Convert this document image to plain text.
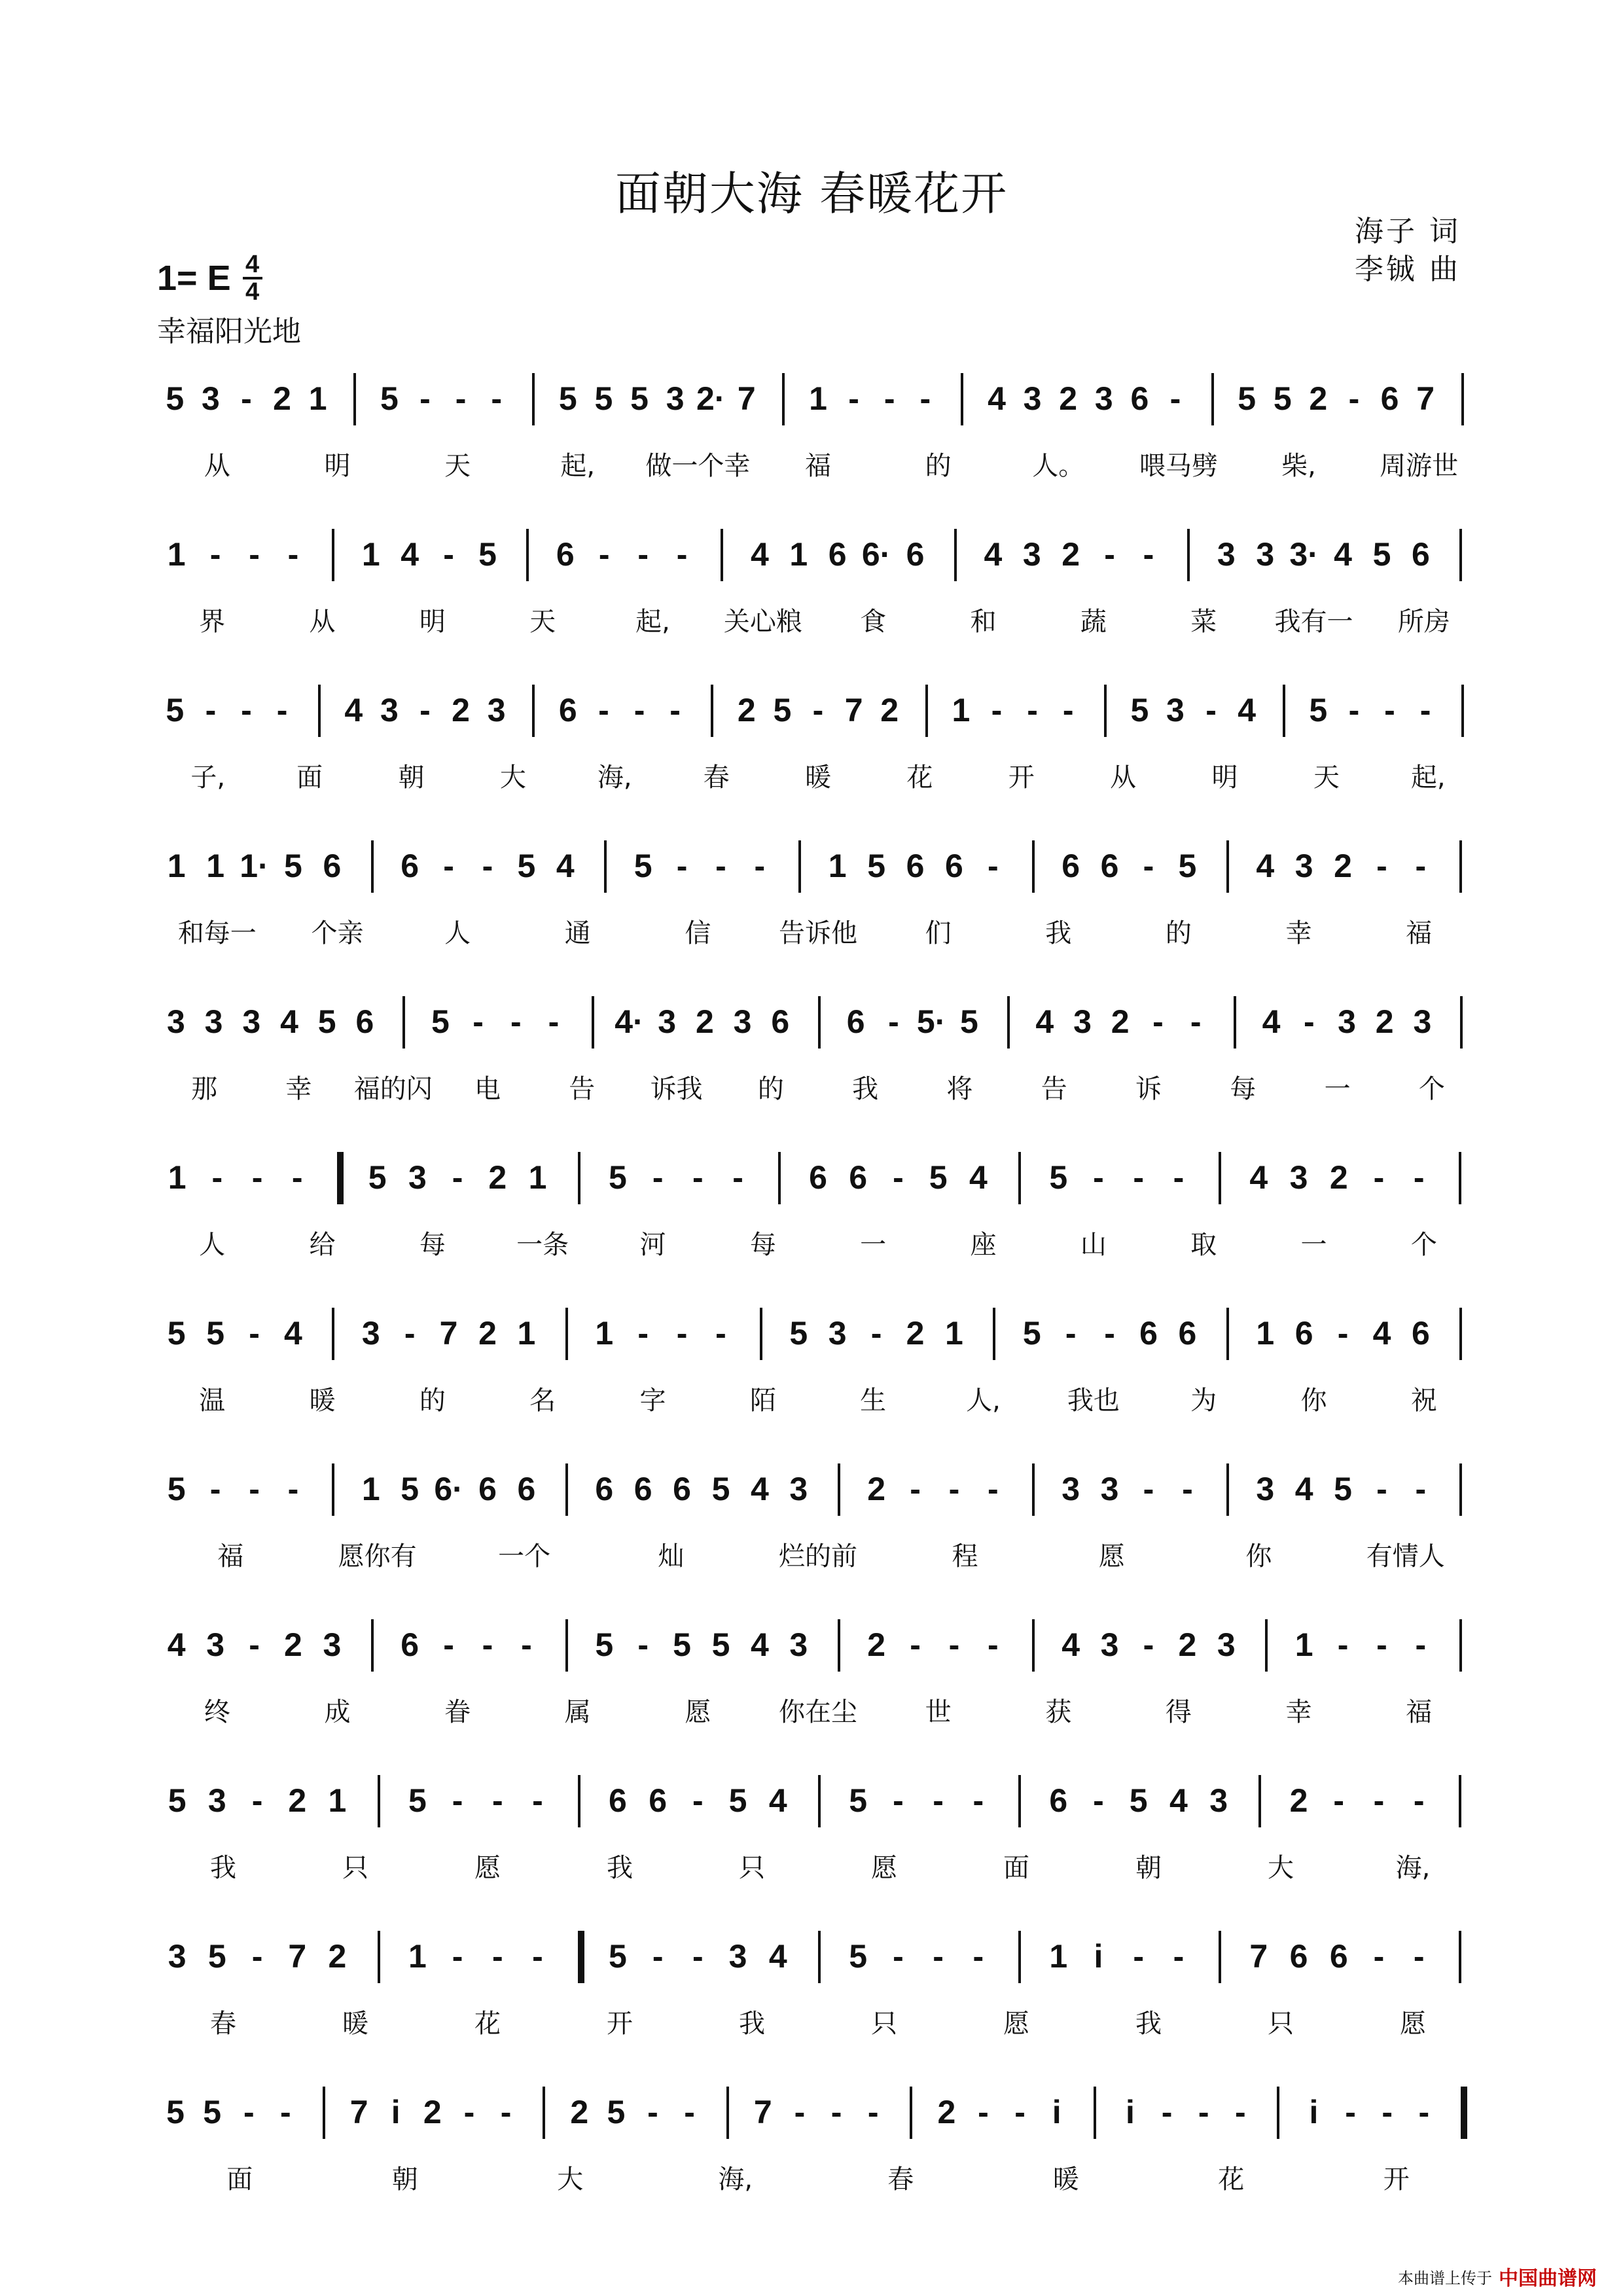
面朝大海 春暖花开
海子 词
李铖 曲
1= E 4
4
幸福阳光地
5 3 - 2 1 5 - - - 5 5 5 3 2· 7 1 - - - 4 3 2 3 6 - 5 5 2 - 6 7
从	明	天	起, 做一个幸 福	的	人。 喂马劈 柴, 周游世
1 - - - 1 4 - 5 6 - - - 4 1 6 6· 6 4 3 2 - - 3 3 3· 4 5 6
界	从	明	天	起, 关心粮 食	和	蔬	菜 我有一 所房
5 - - - 4 3 - 2 3 6 - - - 2 5 - 7 2 1 - - - 5 3 - 4 5 - - -
子,	面	朝	大	海,	春	暖	花	开	从	明	天	起,
1 1 1· 5 6 6 - - 5 4 5 - - - 1 5 6 6 - 6 6 - 5 4 3 2 - -
和每一 个亲	人	通	信	告诉他	们	我	的	幸	福
3 3 3 4 5 6 5 - - - 4· 3 2 3 6 6 - 5· 5 4 3 2 - - 4 - 3 2 3
那	幸 福的闪 电	告 诉我 的	我	将	告	诉	每	一	个
1 - - - 5 3 - 2 1 5 - - - 6 6 - 5 4 5 - - - 4 3 2 - -
人	给	每	一条	河	每	一	座	山	取	一	个
5 5 - 4 3 - 7 2 1 1 - - - 5 3 - 2 1 5 - - 6 6 1 6 - 4 6
温	暖	的	名	字	陌	生	人,	我也	为	你	祝
5 - - - 1 5 6· 6 6 6 6 6 5 4 3 2 - - - 3 3 - - 3 4 5 - -
福	愿你有	一个	灿	烂的前	程	愿	你	有情人
4 3 - 2 3 6 - - - 5 - 5 5 4 3 2 - - - 4 3 - 2 3 1 - - -
终	成	眷	属	愿	你在尘	世	获	得	幸	福
5 3 - 2 1 5 - - - 6 6 - 5 4 5 - - - 6 - 5 4 3 2 - - -
我	只	愿	我	只	愿	面	朝	大	海,
3 5 - 7 2 1 - - - 5 - - 3 4 5 - - - 1 i - - 7 6 6 - -
春	暖	花	开	我	只	愿	我	只	愿
5 5 - - 7 i 2 - - 2 5 - - 7 - - - 2 - - i i - - - i - - -
面	朝	大	海,	春	暖	花	开
本曲谱上传于 中国曲谱网
